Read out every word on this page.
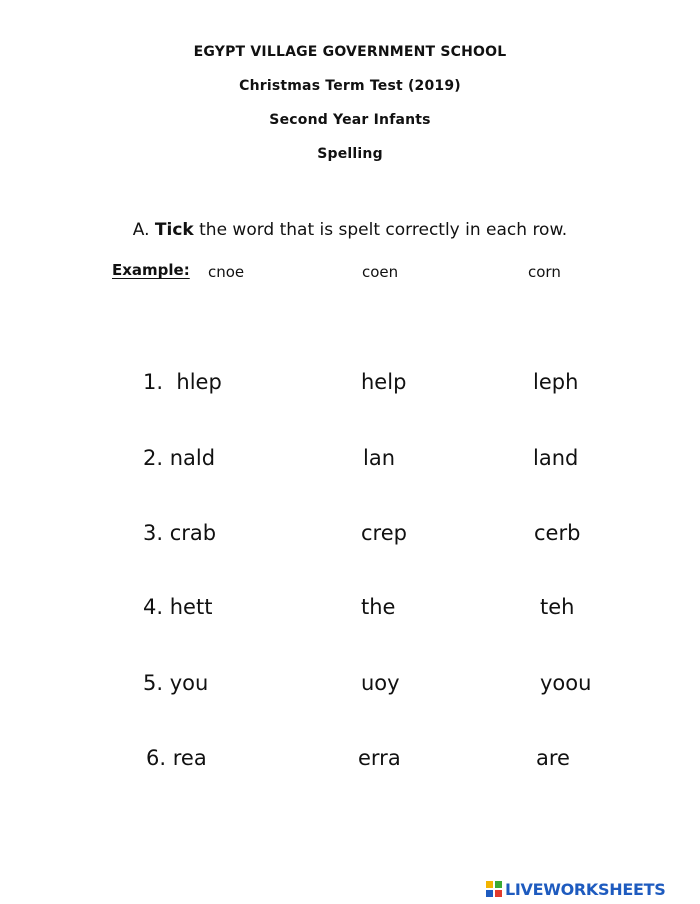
EGYPT VILLAGE GOVERNMENT SCHOOL
Christmas Term Test (2019)
Second Year Infants
Spelling
A. Tick the word that is spelt correctly in each row.
Example: cnoe	coen	corn
1. hlep	help	leph
2. nald	lan	land
3. crab	crep	cerb
4. hett	the	teh
5. you	uoy	yoou
6. rea	erra	are
LIVEWORKSHEETS
